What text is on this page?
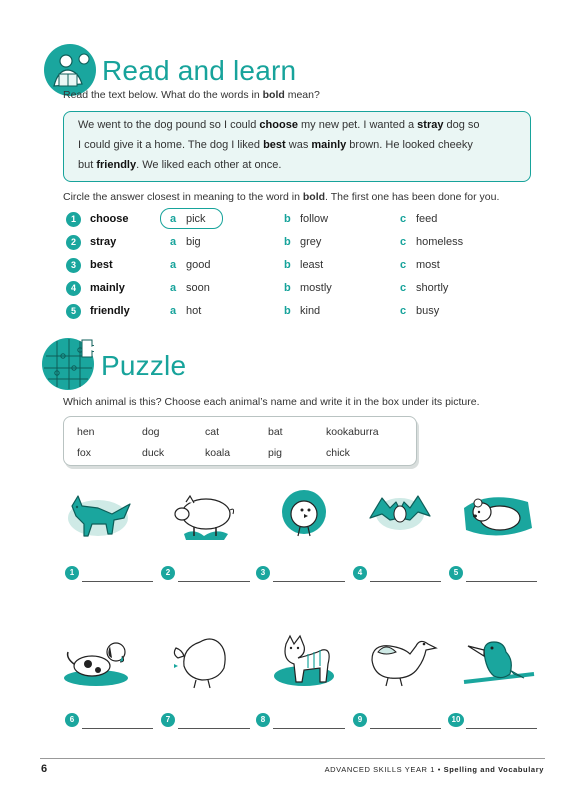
Read and learn

Read the text below. What do the words in bold mean?

We went to the dog pound so I could choose my new pet. I wanted a stray dog so

I could give it a home. The dog I liked best was mainly brown. He looked cheeky

but friendly. We liked each other at once.

Circle the answer closest in meaning to the word in bold. The first one has been done for you.

1	choose	a pick	b follow	c feed
2	stray	a big	b grey	c homeless
3	best	a good	b least	c most
4	mainly	a soon	b mostly	c shortly
5	friendly	a hot	b kind	c busy
Puzzle

Which animal is this? Choose each animal’s name and write it in the box under its picture.

hen	dog	cat	bat	kookaburra
fox	duck	koala	pig	chick
1	2	3	4	5
6	7	8	9	10
6	ADVANCED SKILLS YEAR 1 • Spelling and Vocabulary
